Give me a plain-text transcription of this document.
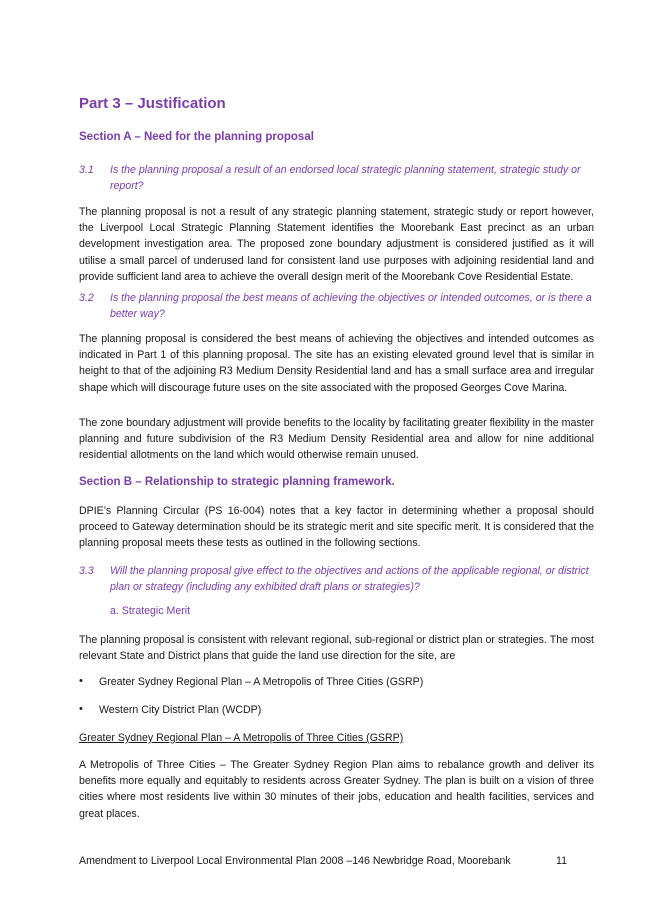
Part 3 – Justification
Section A – Need for the planning proposal
3.1 Is the planning proposal a result of an endorsed local strategic planning statement, strategic study or report?

The planning proposal is not a result of any strategic planning statement, strategic study or report however, the Liverpool Local Strategic Planning Statement identifies the Moorebank East precinct as an urban development investigation area. The proposed zone boundary adjustment is considered justified as it will utilise a small parcel of underused land for consistent land use purposes with adjoining residential land and provide sufficient land area to achieve the overall design merit of the Moorebank Cove Residential Estate.

3.2 Is the planning proposal the best means of achieving the objectives or intended outcomes, or is there a better way?

The planning proposal is considered the best means of achieving the objectives and intended outcomes as indicated in Part 1 of this planning proposal. The site has an existing elevated ground level that is similar in height to that of the adjoining R3 Medium Density Residential land and has a small surface area and irregular shape which will discourage future uses on the site associated with the proposed Georges Cove Marina.

The zone boundary adjustment will provide benefits to the locality by facilitating greater flexibility in the master planning and future subdivision of the R3 Medium Density Residential area and allow for nine additional residential allotments on the land which would otherwise remain unused.

Section B – Relationship to strategic planning framework.

DPIE’s Planning Circular (PS 16-004) notes that a key factor in determining whether a proposal should proceed to Gateway determination should be its strategic merit and site specific merit. It is considered that the planning proposal meets these tests as outlined in the following sections.

3.3 Will the planning proposal give effect to the objectives and actions of the applicable regional, or district plan or strategy (including any exhibited draft plans or strategies)?
a. Strategic Merit

The planning proposal is consistent with relevant regional, sub-regional or district plan or strategies. The most relevant State and District plans that guide the land use direction for the site, are

• Greater Sydney Regional Plan – A Metropolis of Three Cities (GSRP)
• Western City District Plan (WCDP)
Greater Sydney Regional Plan – A Metropolis of Three Cities (GSRP)

A Metropolis of Three Cities – The Greater Sydney Region Plan aims to rebalance growth and deliver its benefits more equally and equitably to residents across Greater Sydney. The plan is built on a vision of three cities where most residents live within 30 minutes of their jobs, education and health facilities, services and great places.

Amendment to Liverpool Local Environmental Plan 2008 –146 Newbridge Road, Moorebank	11
